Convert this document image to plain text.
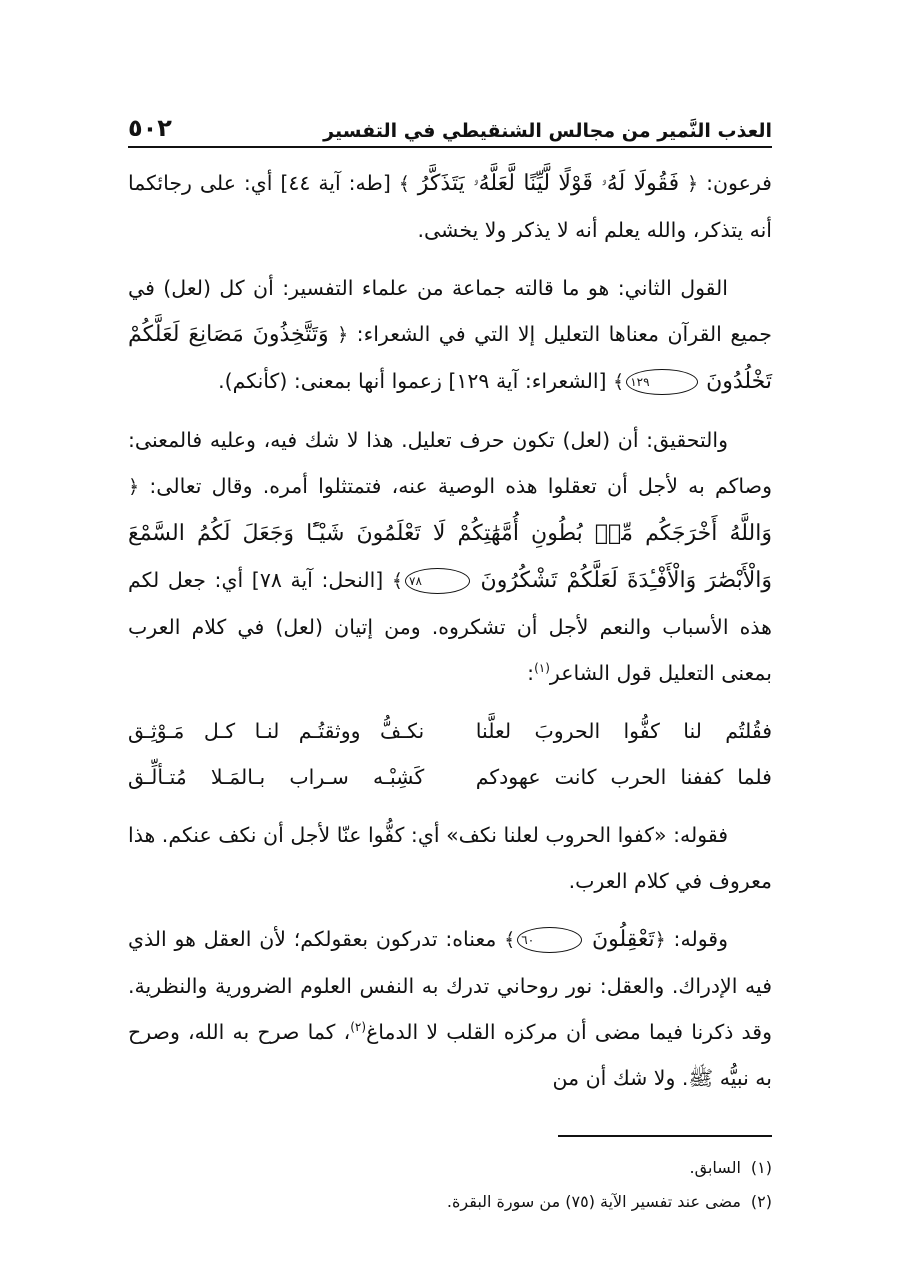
العذب النَّمير من مجالس الشنقيطي في التفسير
٥٠٢

فرعون: ﴿ فَقُولَا لَهُۥ قَوْلًا لَّيِّنًا لَّعَلَّهُۥ يَتَذَكَّرُ ﴾ [طه: آية ٤٤] أي: على رجائكما أنه يتذكر، والله يعلم أنه لا يذكر ولا يخشى.

القول الثاني: هو ما قالته جماعة من علماء التفسير: أن كل (لعل) في جميع القرآن معناها التعليل إلا التي في الشعراء: ﴿ وَتَتَّخِذُونَ مَصَانِعَ لَعَلَّكُمْ تَخْلُدُونَ ١٢٩﴾ [الشعراء: آية ١٢٩] زعموا أنها بمعنى: (كأنكم).

والتحقيق: أن (لعل) تكون حرف تعليل. هذا لا شك فيه، وعليه فالمعنى: وصاكم به لأجل أن تعقلوا هذه الوصية عنه، فتمتثلوا أمره. وقال تعالى: ﴿ وَاللَّهُ أَخْرَجَكُم مِّنۢ بُطُونِ أُمَّهَٰتِكُمْ لَا تَعْلَمُونَ شَيْـًٔا وَجَعَلَ لَكُمُ السَّمْعَ وَالْأَبْصَٰرَ وَالْأَفْـِٔدَةَ لَعَلَّكُمْ تَشْكُرُونَ ٧٨﴾ [النحل: آية ٧٨] أي: جعل لكم هذه الأسباب والنعم لأجل أن تشكروه. ومن إتيان (لعل) في كلام العرب بمعنى التعليل قول الشاعر$^{(١)}$:

فقُلتُم لنا كفُّوا الحروبَ لعلَّنا
نكـفُّ ووثقتُـم لنـا كـل مَـوْثِـق
فلما كففنا الحرب كانت عهودكم
كَشِبْـه سـراب بـالمَـلا مُتـألِّـق

فقوله: «كفوا الحروب لعلنا نكف» أي: كفُّوا عنّا لأجل أن نكف عنكم. هذا معروف في كلام العرب.

وقوله: ﴿تَعْقِلُونَ ٦٠﴾ معناه: تدركون بعقولكم؛ لأن العقل هو الذي فيه الإدراك. والعقل: نور روحاني تدرك به النفس العلوم الضرورية والنظرية. وقد ذكرنا فيما مضى أن مركزه القلب لا الدماغ$^{(٢)}$، كما صرح به الله، وصرح به نبيُّه ﷺ. ولا شك أن من

(١)السابق.
(٢)مضى عند تفسير الآية (٧٥) من سورة البقرة.
